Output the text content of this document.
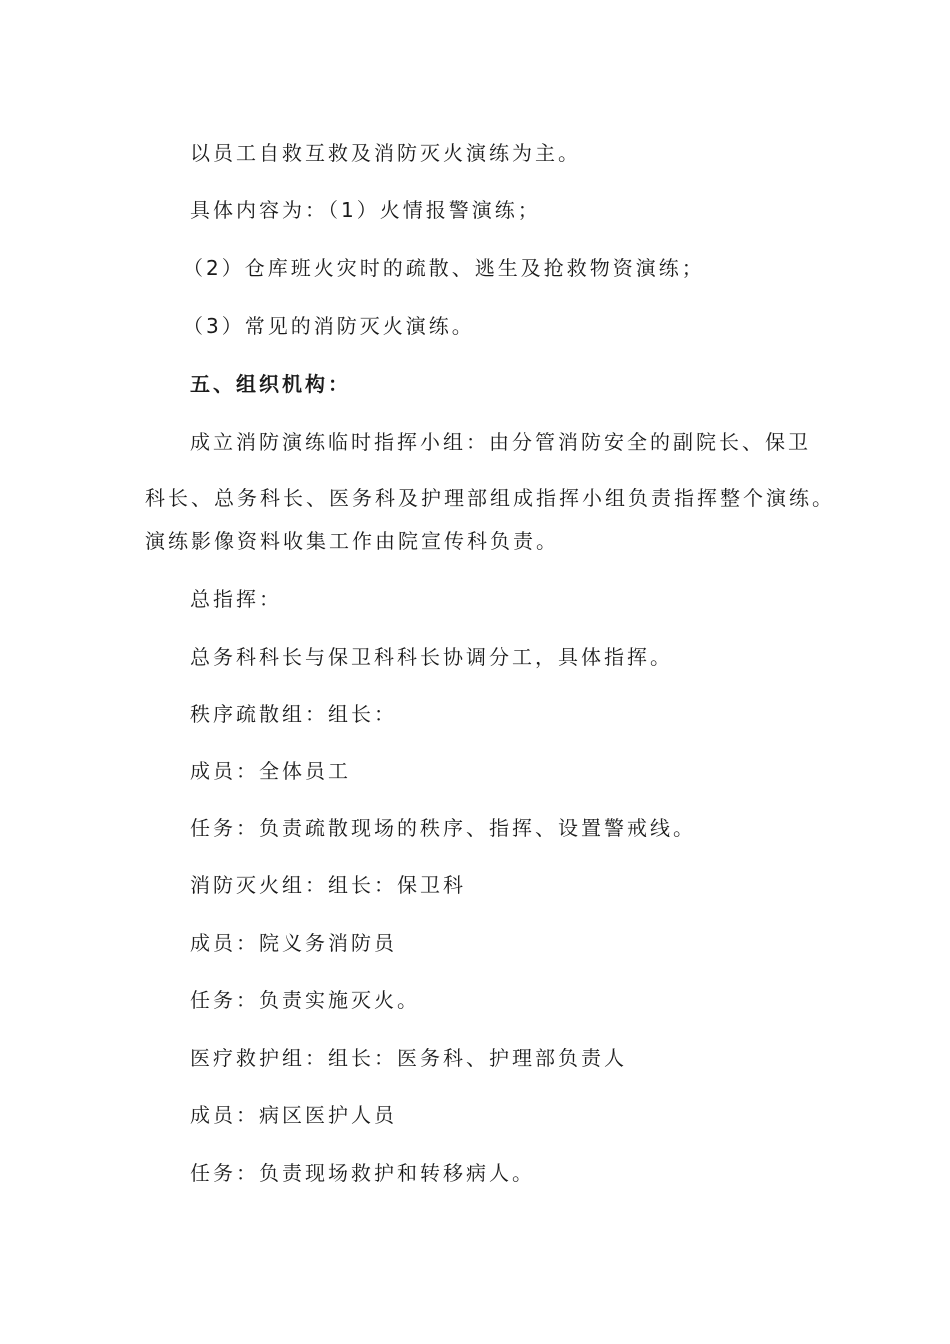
以员工自救互救及消防灭火演练为主。
具体内容为：（1）火情报警演练；
（2）仓库班火灾时的疏散、逃生及抢救物资演练；
（3）常见的消防灭火演练。
五、组织机构：
成立消防演练临时指挥小组：由分管消防安全的副院长、保卫
科长、总务科长、医务科及护理部组成指挥小组负责指挥整个演练。
演练影像资料收集工作由院宣传科负责。
总指挥：
总务科科长与保卫科科长协调分工，具体指挥。
秩序疏散组：组长：
成员：全体员工
任务：负责疏散现场的秩序、指挥、设置警戒线。
消防灭火组：组长：保卫科
成员：院义务消防员
任务：负责实施灭火。
医疗救护组：组长：医务科、护理部负责人
成员：病区医护人员
任务：负责现场救护和转移病人。
